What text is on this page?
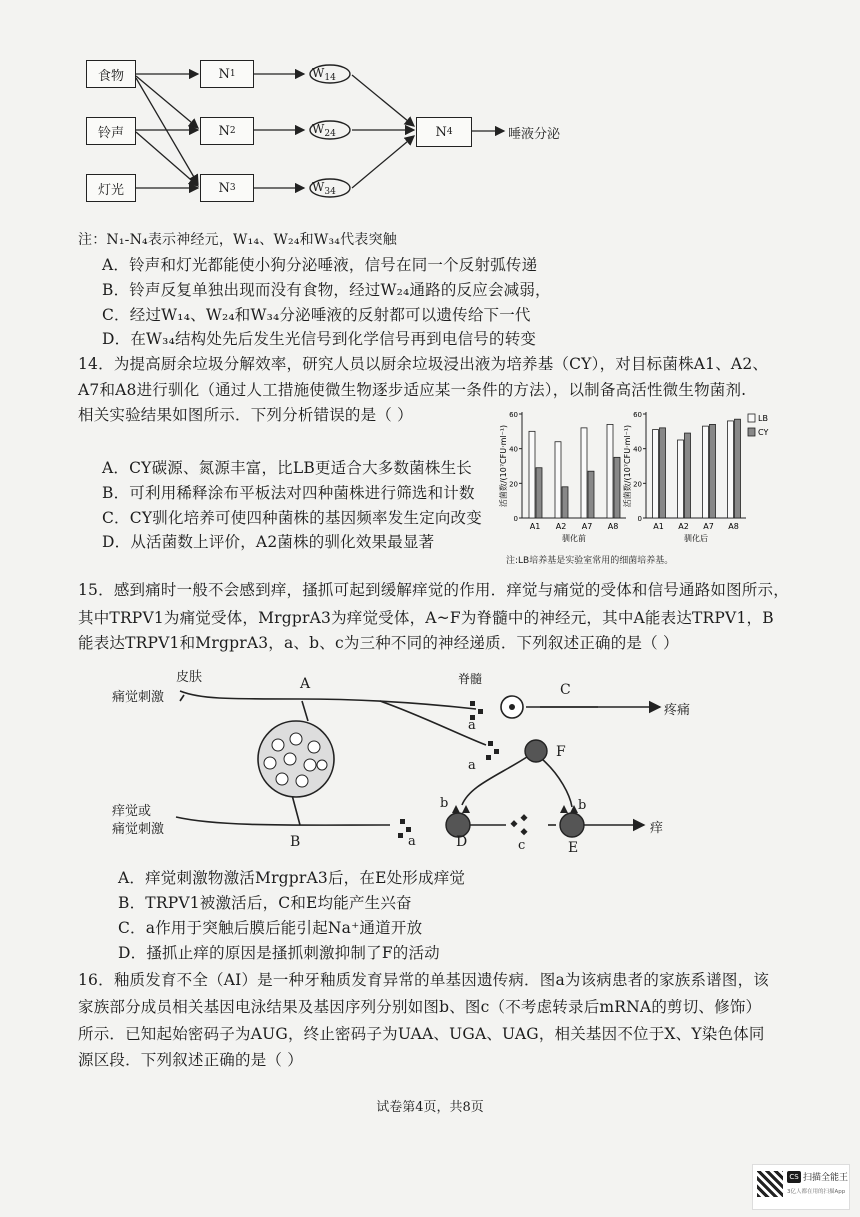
食物
铃声
灯光
N 1
N 2
N 3
N 4
$W_{14}$
$W_{24}$
$W_{34}$
唾液分泌
注：N₁-N₄表示神经元，W₁₄、W₂₄和W₃₄代表突触
A．铃声和灯光都能使小狗分泌唾液，信号在同一个反射弧传递
B．铃声反复单独出现而没有食物，经过W₂₄通路的反应会减弱，
C．经过W₁₄、W₂₄和W₃₄分泌唾液的反射都可以遗传给下一代
D．在W₃₄结构处先后发生光信号到化学信号再到电信号的转变
14．为提高厨余垃圾分解效率，研究人员以厨余垃圾浸出液为培养基（CY），对目标菌株A1、A2、
A7和A8进行驯化（通过人工措施使微生物逐步适应某一条件的方法），以制备高活性微生物菌剂.
相关实验结果如图所示．下列分析错误的是（ ）
A．CY碳源、氮源丰富，比LB更适合大多数菌株生长
B．可利用稀释涂布平板法对四种菌株进行筛选和计数
C．CY驯化培养可使四种菌株的基因频率发生定向改变
D．从活菌数上评价，A2菌株的驯化效果最显著
活菌数/(10⁷CFU·ml⁻¹)
0
20
40
60
A1 A2 A7 A8
驯化前
活菌数/(10⁷CFU·ml⁻¹)
0
20
40
60
A1 A2 A7 A8
驯化后
LB
CY
注:LB培养基是实验室常用的细菌培养基。
15．感到痛时一般不会感到痒，搔抓可起到缓解痒觉的作用．痒觉与痛觉的受体和信号通路如图所示，
其中TRPV1为痛觉受体，MrgprA3为痒觉受体，A~F为脊髓中的神经元，其中A能表达TRPV1，B
能表达TRPV1和MrgprA3，a、b、c为三种不同的神经递质．下列叙述正确的是（ ）
皮肤	脊髓
痛觉刺激
A	C
疼痛
a
a
F
痒觉或
痛觉刺激
b	b
痒
B	a	D	c	E
A．痒觉刺激物激活MrgprA3后，在E处形成痒觉
B．TRPV1被激活后，C和E均能产生兴奋
C．a作用于突触后膜后能引起Na⁺通道开放
D．搔抓止痒的原因是搔抓刺激抑制了F的活动
16．釉质发育不全（AI）是一种牙釉质发育异常的单基因遗传病．图a为该病患者的家族系谱图，该
家族部分成员相关基因电泳结果及基因序列分别如图b、图c（不考虑转录后mRNA的剪切、修饰）
所示．已知起始密码子为AUG，终止密码子为UAA、UGA、UAG，相关基因不位于X、Y染色体同
源区段．下列叙述正确的是（ ）
试卷第4页，共8页
CS 扫描全能王
3亿人都在用的扫描App
